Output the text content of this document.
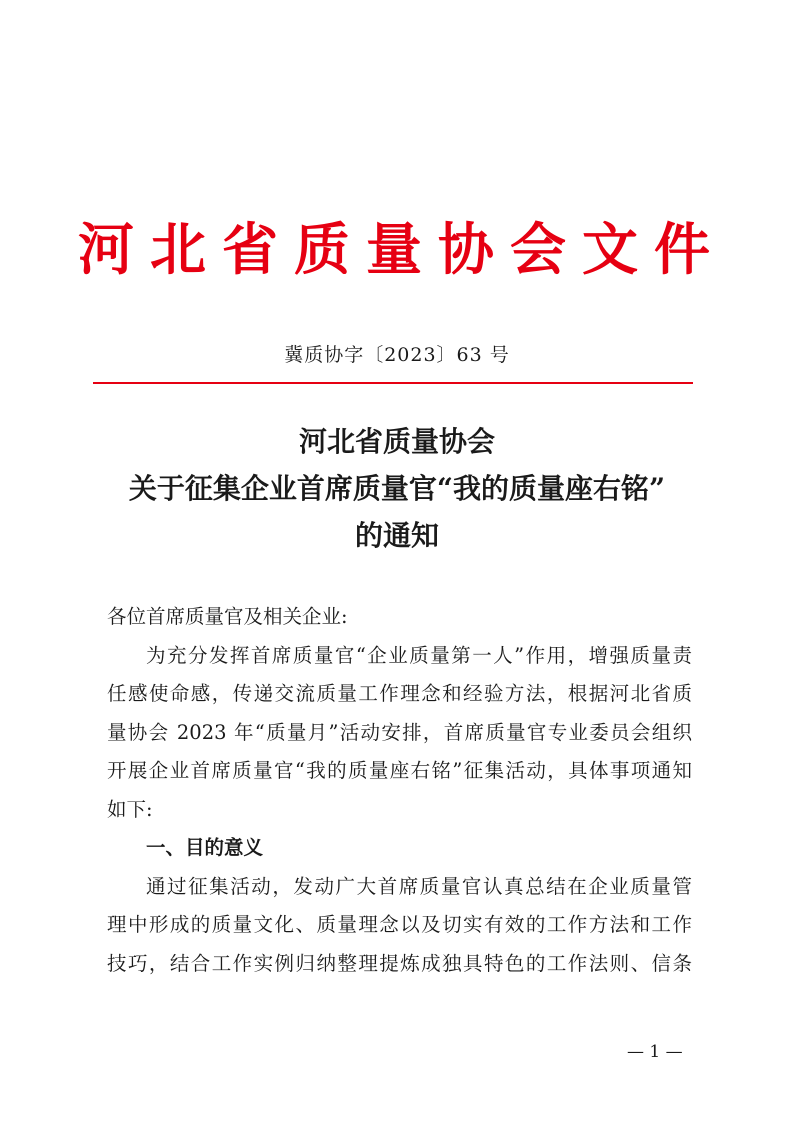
河北省质量协会文件
冀质协字〔2023〕63 号
河北省质量协会
关于征集企业首席质量官“我的质量座右铭”
的通知
各位首席质量官及相关企业:
为充分发挥首席质量官“企业质量第一人”作用，增强质量责
任感使命感，传递交流质量工作理念和经验方法，根据河北省质
量协会 2023 年“质量月”活动安排，首席质量官专业委员会组织
开展企业首席质量官“我的质量座右铭”征集活动，具体事项通知
如下:
一、目的意义
通过征集活动，发动广大首席质量官认真总结在企业质量管
理中形成的质量文化、质量理念以及切实有效的工作方法和工作
技巧，结合工作实例归纳整理提炼成独具特色的工作法则、信条
— 1 —
